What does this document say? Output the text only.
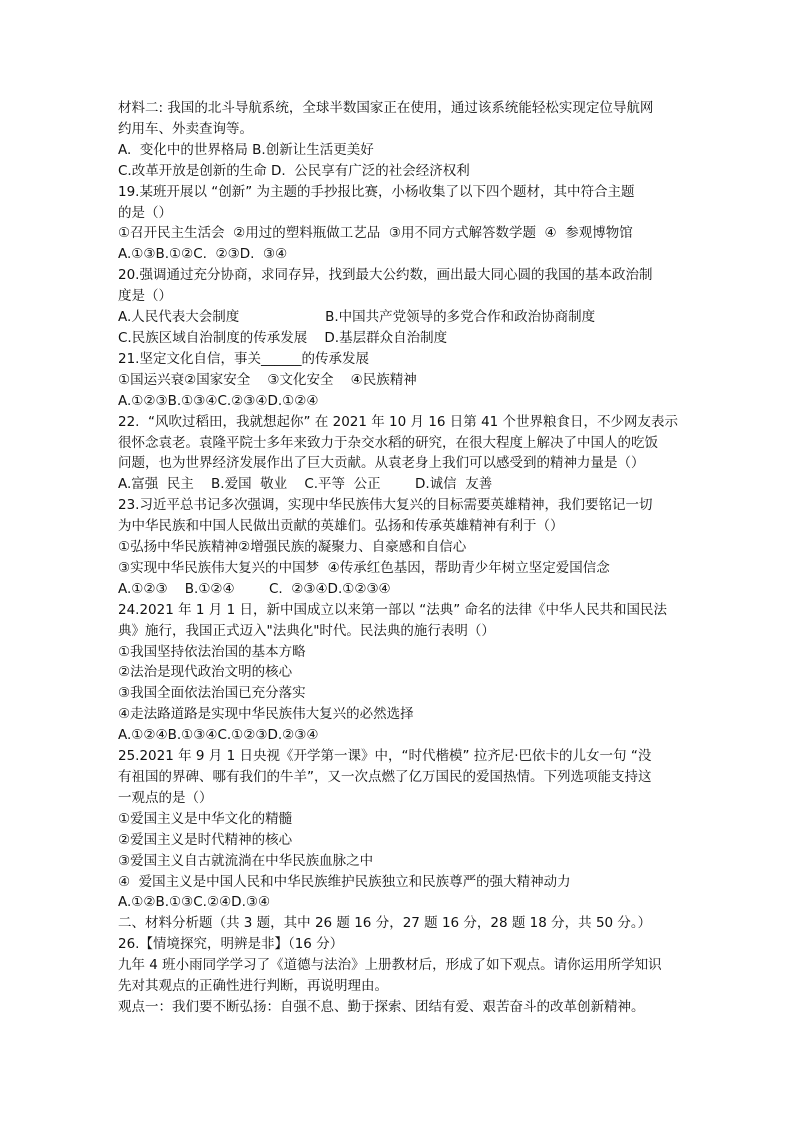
材料二: 我国的北斗导航系统，全球半数国家正在使用，通过该系统能轻松实现定位导航网
约用车、外卖查询等。
A.  变化中的世界格局 B.创新让生活更美好
C.改革开放是创新的生命 D.  公民享有广泛的社会经济权利
19.某班开展以 “创新” 为主题的手抄报比赛，小杨收集了以下四个题材，其中符合主题
的是（）
①召开民主生活会  ②用过的塑料瓶做工艺品  ③用不同方式解答数学题  ④  参观博物馆
A.①③B.①②C.  ②③D.  ③④
20.强调通过充分协商，求同存异，找到最大公约数，画出最大同心圆的我国的基本政治制
度是（）
A.人民代表大会制度                    B.中国共产党领导的多党合作和政治协商制度
C.民族区域自治制度的传承发展    D.基层群众自治制度
21.坚定文化自信，事关______的传承发展
①国运兴衰②国家安全    ③文化安全    ④民族精神
A.①②③B.①③④C.②③④D.①②④
22.  “风吹过稻田，我就想起你” 在 2021 年 10 月 16 日第 41 个世界粮食日，不少网友表示
很怀念袁老。袁隆平院士多年来致力于杂交水稻的研究，在很大程度上解决了中国人的吃饭
问题，也为世界经济发展作出了巨大贡献。从袁老身上我们可以感受到的精神力量是（）
A.富强  民主    B.爱国  敬业    C.平等  公正        D.诚信  友善
23.习近平总书记多次强调，实现中华民族伟大复兴的目标需要英雄精神，我们要铭记一切
为中华民族和中国人民做出贡献的英雄们。弘扬和传承英雄精神有利于（）
①弘扬中华民族精神②增强民族的凝聚力、自豪感和自信心
③实现中华民族伟大复兴的中国梦  ④传承红色基因，帮助青少年树立坚定爱国信念
A.①②③    B.①②④        C.  ②③④D.①②③④
24.2021 年 1 月 1 日，新中国成立以来第一部以 “法典” 命名的法律《中华人民共和国民法
典》施行，我国正式迈入"法典化"时代。民法典的施行表明（）
①我国坚持依法治国的基本方略
②法治是现代政治文明的核心
③我国全面依法治国已充分落实
④走法路道路是实现中华民族伟大复兴的必然选择
A.①②④B.①③④C.①②③D.②③④
25.2021 年 9 月 1 日央视《开学第一课》中，“时代楷模” 拉齐尼·巴依卡的儿女一句 “没
有祖国的界碑、哪有我们的牛羊”，又一次点燃了亿万国民的爱国热情。下列选项能支持这
一观点的是（）
①爱国主义是中华文化的精髓
②爱国主义是时代精神的核心
③爱国主义自古就流淌在中华民族血脉之中
④  爱国主义是中国人民和中华民族维护民族独立和民族尊严的强大精神动力
A.①②B.①③C.②④D.③④
二、材料分析题（共 3 题，其中 26 题 16 分，27 题 16 分，28 题 18 分，共 50 分。）
26.【情境探究，明辨是非】（16 分）
九年 4 班小雨同学学习了《道德与法治》上册教材后，形成了如下观点。请你运用所学知识
先对其观点的正确性进行判断，再说明理由。
观点一：我们要不断弘扬：自强不息、勤于探索、团结有爱、艰苦奋斗的改革创新精神。
